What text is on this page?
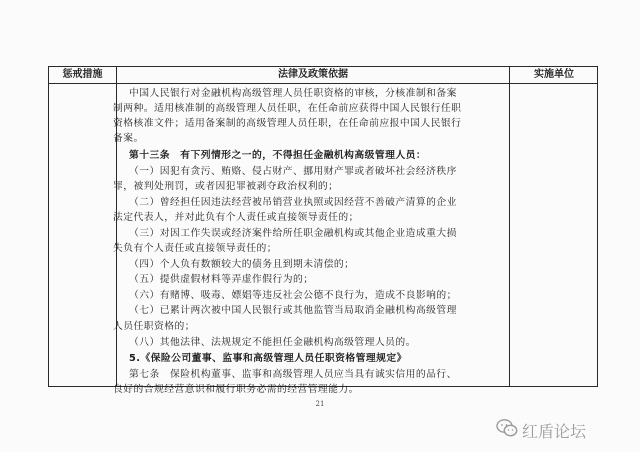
惩戒措施	法律及政策依据	实施单位
中国人民银行对金融机构高级管理人员任职资格的审核，分核准制和备案
制两种。适用核准制的高级管理人员任职，在任命前应获得中国人民银行任职
资格核准文件；适用备案制的高级管理人员任职，在任命前应报中国人民银行
备案。
第十三条　有下列情形之一的，不得担任金融机构高级管理人员：
（一）因犯有贪污、贿赂、侵占财产、挪用财产罪或者破坏社会经济秩序
罪，被判处刑罚，或者因犯罪被剥夺政治权利的；
（二）曾经担任因违法经营被吊销营业执照或因经营不善破产清算的企业
法定代表人，并对此负有个人责任或直接领导责任的；
（三）对因工作失误或经济案件给所任职金融机构或其他企业造成重大损
失负有个人责任或直接领导责任的；
（四）个人负有数额较大的债务且到期未清偿的；
（五）提供虚假材料等弄虚作假行为的；
（六）有赌博、吸毒、嫖娼等违反社会公德不良行为，造成不良影响的；
（七）已累计两次被中国人民银行或其他监管当局取消金融机构高级管理
人员任职资格的；
（八）其他法律、法规规定不能担任金融机构高级管理人员的。
5.《保险公司董事、监事和高级管理人员任职资格管理规定》
第七条　保险机构董事、监事和高级管理人员应当具有诚实信用的品行、
良好的合规经营意识和履行职务必需的经营管理能力。
21
红盾论坛
